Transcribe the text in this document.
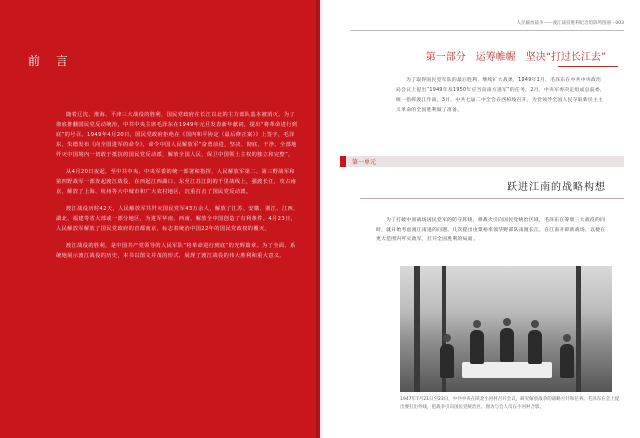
前 言

随着辽沈、淮海、平津三大战役的胜利，国民党政府在长江以北的主力部队基本被消灭。为了彻底推翻国民党反动统治，中共中央主席毛泽东在1949年元旦发表新年献词，提出“将革命进行到底”的号召。1949年4月20日，国民党政府拒绝在《国内和平协定（最后修正案）》上签字，毛泽东、朱德发布《向全国进军的命令》，命令中国人民解放军“奋勇前进，坚决、彻底、干净、全部地歼灭中国境内一切敢于抵抗的国民党反动派，解放全国人民，保卫中国领土主权的独立和完整”。

从4月20日夜起，至中共中央、中央军委的统一部署和指挥，人民解放军第二、第三野战军和第四野战军一部发起渡江战役，在西起江西湖口、东至江苏江阴的千里战线上，强渡长江，攻占南京，解放了上海、杭州等大中城市和广大农村地区，沉重打击了国民党反动派。

渡江战役历时42天，人民解放军共歼灭国民党军43万余人，解放了江苏、安徽、浙江、江西、湖北、福建等省大部或一部分地区，为进军华南、西南，解放全中国创造了有利条件。4月23日，人民解放军解放了国民党政府的首都南京，标志着统治中国22年的国民党政权的覆灭。

渡江战役的胜利，是中国共产党领导的人民军队“将革命进行到底”的光辉篇章。为了全面、系统地展示渡江战役的历史，本书以图文并茂的形式，展现了渡江战役的伟大胜利和重大意义。

人民解放战争——渡江战役胜利纪念馆陈列图册 · 003
第一部分　运筹帷幄　坚决“打过长江去”

为了取得国民党军队的最后胜利，继续扩大战果，1949年1月，毛泽东在中共中央政治局会议上提出“1949年及1950年应当向南方进军”的任务。2月，中央军委决定组成总前委，统一指挥渡江作战。3月，中共七届二中全会在西柏坡召开，为党领导全国人民夺取新民主主义革命的全国胜利做了准备。

第一单元
跃进江南的战略构想

为了打破中原战场国民党军的防守阵线，将战火引向国民党统治区域，毛泽东在筹划三大战役的同时，就开始考虑渡江南进的问题。几次提出由粟裕率领华野部队南渡长江，在江南开辟新战场，以便在更大范围内歼灭敌军，打开全国胜利的局面。

1947年7月21日至23日，中共中央在陕北小河村召开会议，研究解放战争的战略方针和任务。毛泽东在会上提出要打出外线，把战争引向国民党统治区。图为与会人员在小河村合影。
